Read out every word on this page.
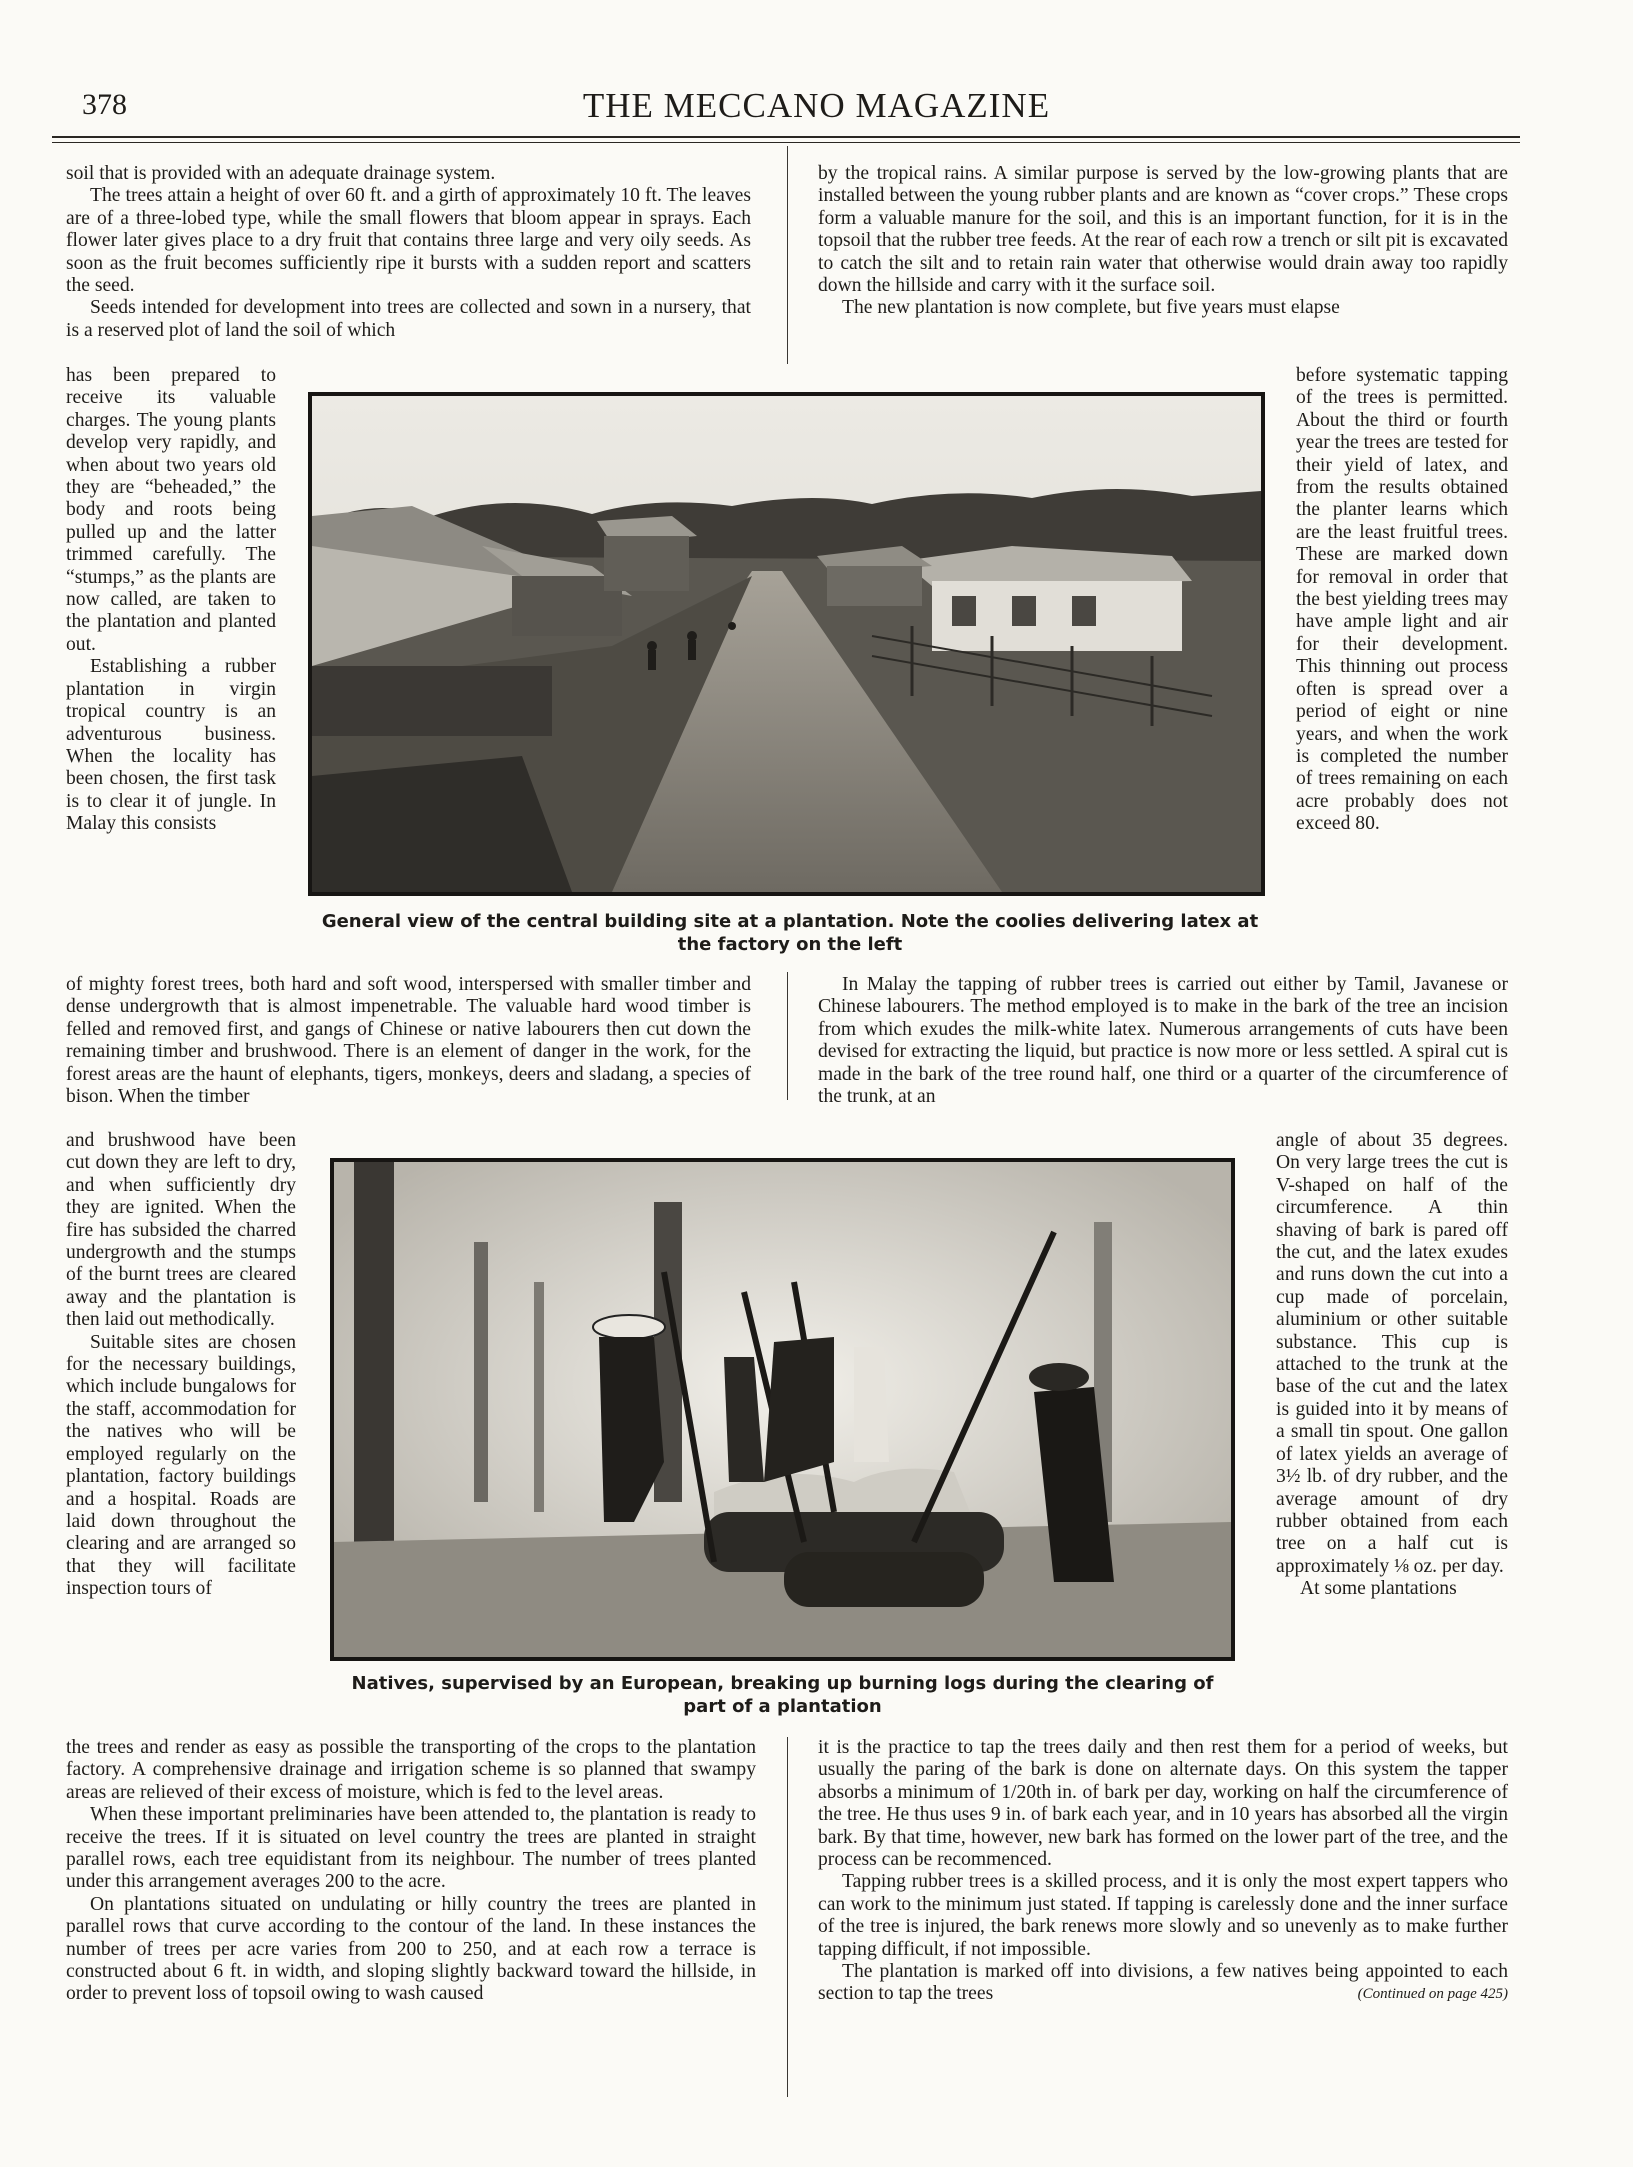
378	THE MECCANO MAGAZINE

soil that is provided with an adequate drainage system.

The trees attain a height of over 60 ft. and a girth of approximately 10 ft. The leaves are of a three-lobed type, while the small flowers that bloom appear in sprays. Each flower later gives place to a dry fruit that contains three large and very oily seeds. As soon as the fruit becomes sufficiently ripe it bursts with a sudden report and scatters the seed.

Seeds intended for development into trees are collected and sown in a nursery, that is a reserved plot of land the soil of which

has been prepared to receive its valuable charges. The young plants develop very rapidly, and when about two years old they are “beheaded,” the body and roots being pulled up and the latter trimmed carefully. The “stumps,” as the plants are now called, are taken to the plantation and planted out.

Establishing a rubber plantation in virgin tropical country is an adventurous business. When the locality has been chosen, the first task is to clear it of jungle. In Malay this consists

of mighty forest trees, both hard and soft wood, interspersed with smaller timber and dense undergrowth that is almost impenetrable. The valuable hard wood timber is felled and removed first, and gangs of Chinese or native labourers then cut down the remaining timber and brushwood. There is an element of danger in the work, for the forest areas are the haunt of elephants, tigers, monkeys, deers and sladang, a species of bison. When the timber

and brushwood have been cut down they are left to dry, and when sufficiently dry they are ignited. When the fire has subsided the charred undergrowth and the stumps of the burnt trees are cleared away and the plantation is then laid out methodically.

Suitable sites are chosen for the necessary buildings, which include bungalows for the staff, accommodation for the natives who will be employed regularly on the plantation, factory buildings and a hospital. Roads are laid down throughout the clearing and are arranged so that they will facilitate inspection tours of

the trees and render as easy as possible the transporting of the crops to the plantation factory. A comprehensive drainage and irrigation scheme is so planned that swampy areas are relieved of their excess of moisture, which is fed to the level areas.

When these important preliminaries have been attended to, the plantation is ready to receive the trees. If it is situated on level country the trees are planted in straight parallel rows, each tree equidistant from its neighbour. The number of trees planted under this arrangement averages 200 to the acre.

On plantations situated on undulating or hilly country the trees are planted in parallel rows that curve according to the contour of the land. In these instances the number of trees per acre varies from 200 to 250, and at each row a terrace is constructed about 6 ft. in width, and sloping slightly backward toward the hillside, in order to prevent loss of topsoil owing to wash caused

by the tropical rains. A similar purpose is served by the low-growing plants that are installed between the young rubber plants and are known as “cover crops.” These crops form a valuable manure for the soil, and this is an important function, for it is in the topsoil that the rubber tree feeds. At the rear of each row a trench or silt pit is excavated to catch the silt and to retain rain water that otherwise would drain away too rapidly down the hillside and carry with it the surface soil.

The new plantation is now complete, but five years must elapse

before systematic tapping of the trees is permitted. About the third or fourth year the trees are tested for their yield of latex, and from the results obtained the planter learns which are the least fruitful trees. These are marked down for removal in order that the best yielding trees may have ample light and air for their development. This thinning out process often is spread over a period of eight or nine years, and when the work is completed the number of trees remaining on each acre probably does not exceed 80.

In Malay the tapping of rubber trees is carried out either by Tamil, Javanese or Chinese labourers. The method employed is to make in the bark of the tree an incision from which exudes the milk-white latex. Numerous arrangements of cuts have been devised for extracting the liquid, but practice is now more or less settled. A spiral cut is made in the bark of the tree round half, one third or a quarter of the circumference of the trunk, at an

angle of about 35 degrees. On very large trees the cut is V-shaped on half of the circumference. A thin shaving of bark is pared off the cut, and the latex exudes and runs down the cut into a cup made of porcelain, aluminium or other suitable substance. This cup is attached to the trunk at the base of the cut and the latex is guided into it by means of a small tin spout. One gallon of latex yields an average of 3½ lb. of dry rubber, and the average amount of dry rubber obtained from each tree on a half cut is approximately ⅛ oz. per day.

At some plantations

it is the practice to tap the trees daily and then rest them for a period of weeks, but usually the paring of the bark is done on alternate days. On this system the tapper absorbs a minimum of 1/20th in. of bark per day, working on half the circumference of the tree. He thus uses 9 in. of bark each year, and in 10 years has absorbed all the virgin bark. By that time, however, new bark has formed on the lower part of the tree, and the process can be recommenced.

Tapping rubber trees is a skilled process, and it is only the most expert tappers who can work to the minimum just stated. If tapping is carelessly done and the inner surface of the tree is injured, the bark renews more slowly and so unevenly as to make further tapping difficult, if not impossible.

The plantation is marked off into divisions, a few natives being appointed to each section to tap the trees	(Continued on page 425)

General view of the central building site at a plantation. Note the coolies delivering latex at the factory on the left
Natives, supervised by an European, breaking up burning logs during the clearing of part of a plantation
